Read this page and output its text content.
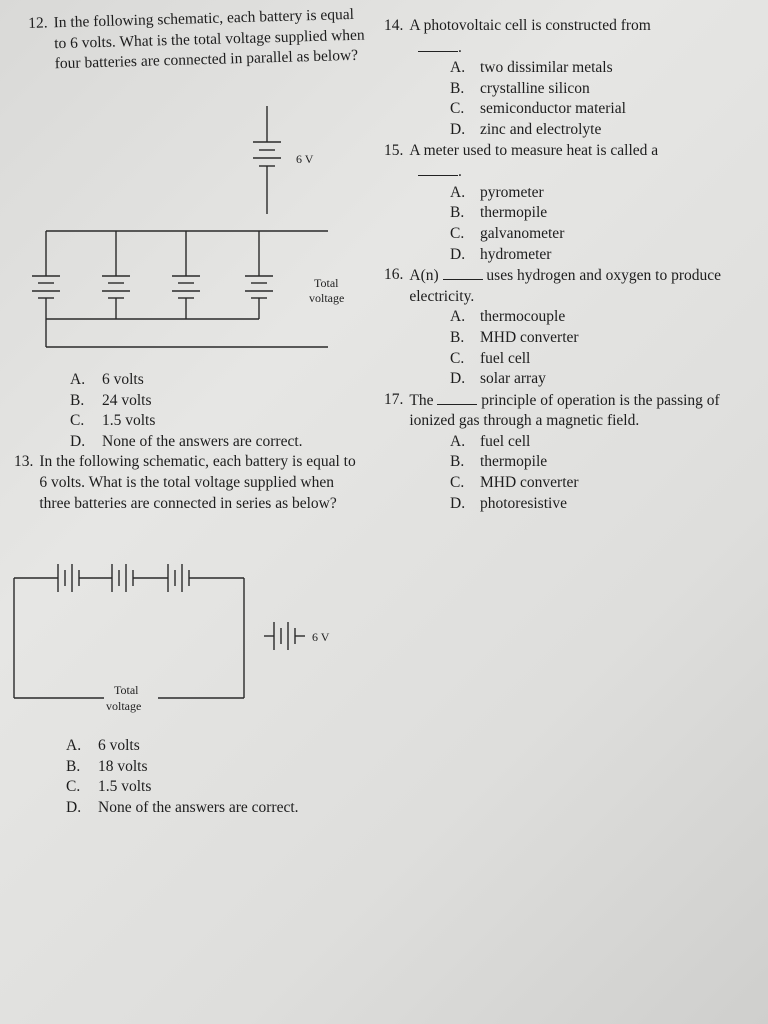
12. In the following schematic, each battery is equal to 6 volts. What is the total voltage supplied when four batteries are connected in parallel as below?

6 V
Total
voltage
A.	6 volts
B.	24 volts
C.	1.5 volts
D.	None of the answers are correct.
13. In the following schematic, each battery is equal to 6 volts. What is the total voltage supplied when three batteries are connected in series as below?

6 V
Total
voltage
A.	6 volts
B.	18 volts
C.	1.5 volts
D.	None of the answers are correct.
14. A photovoltaic cell is constructed from

.
A. two dissimilar metals
B.	crystalline silicon
C.	semiconductor material
D. zinc and electrolyte
15. A meter used to measure heat is called a

.
A. pyrometer
B.	thermopile
C.	galvanometer
D. hydrometer
16. A(n)	uses hydrogen and oxygen to produce electricity.

A. thermocouple
B.	MHD converter
C.	fuel cell
D. solar array
17. The	principle of operation is the passing of ionized gas through a magnetic field.

A. fuel cell
B.	thermopile
C.	MHD converter
D. photoresistive
